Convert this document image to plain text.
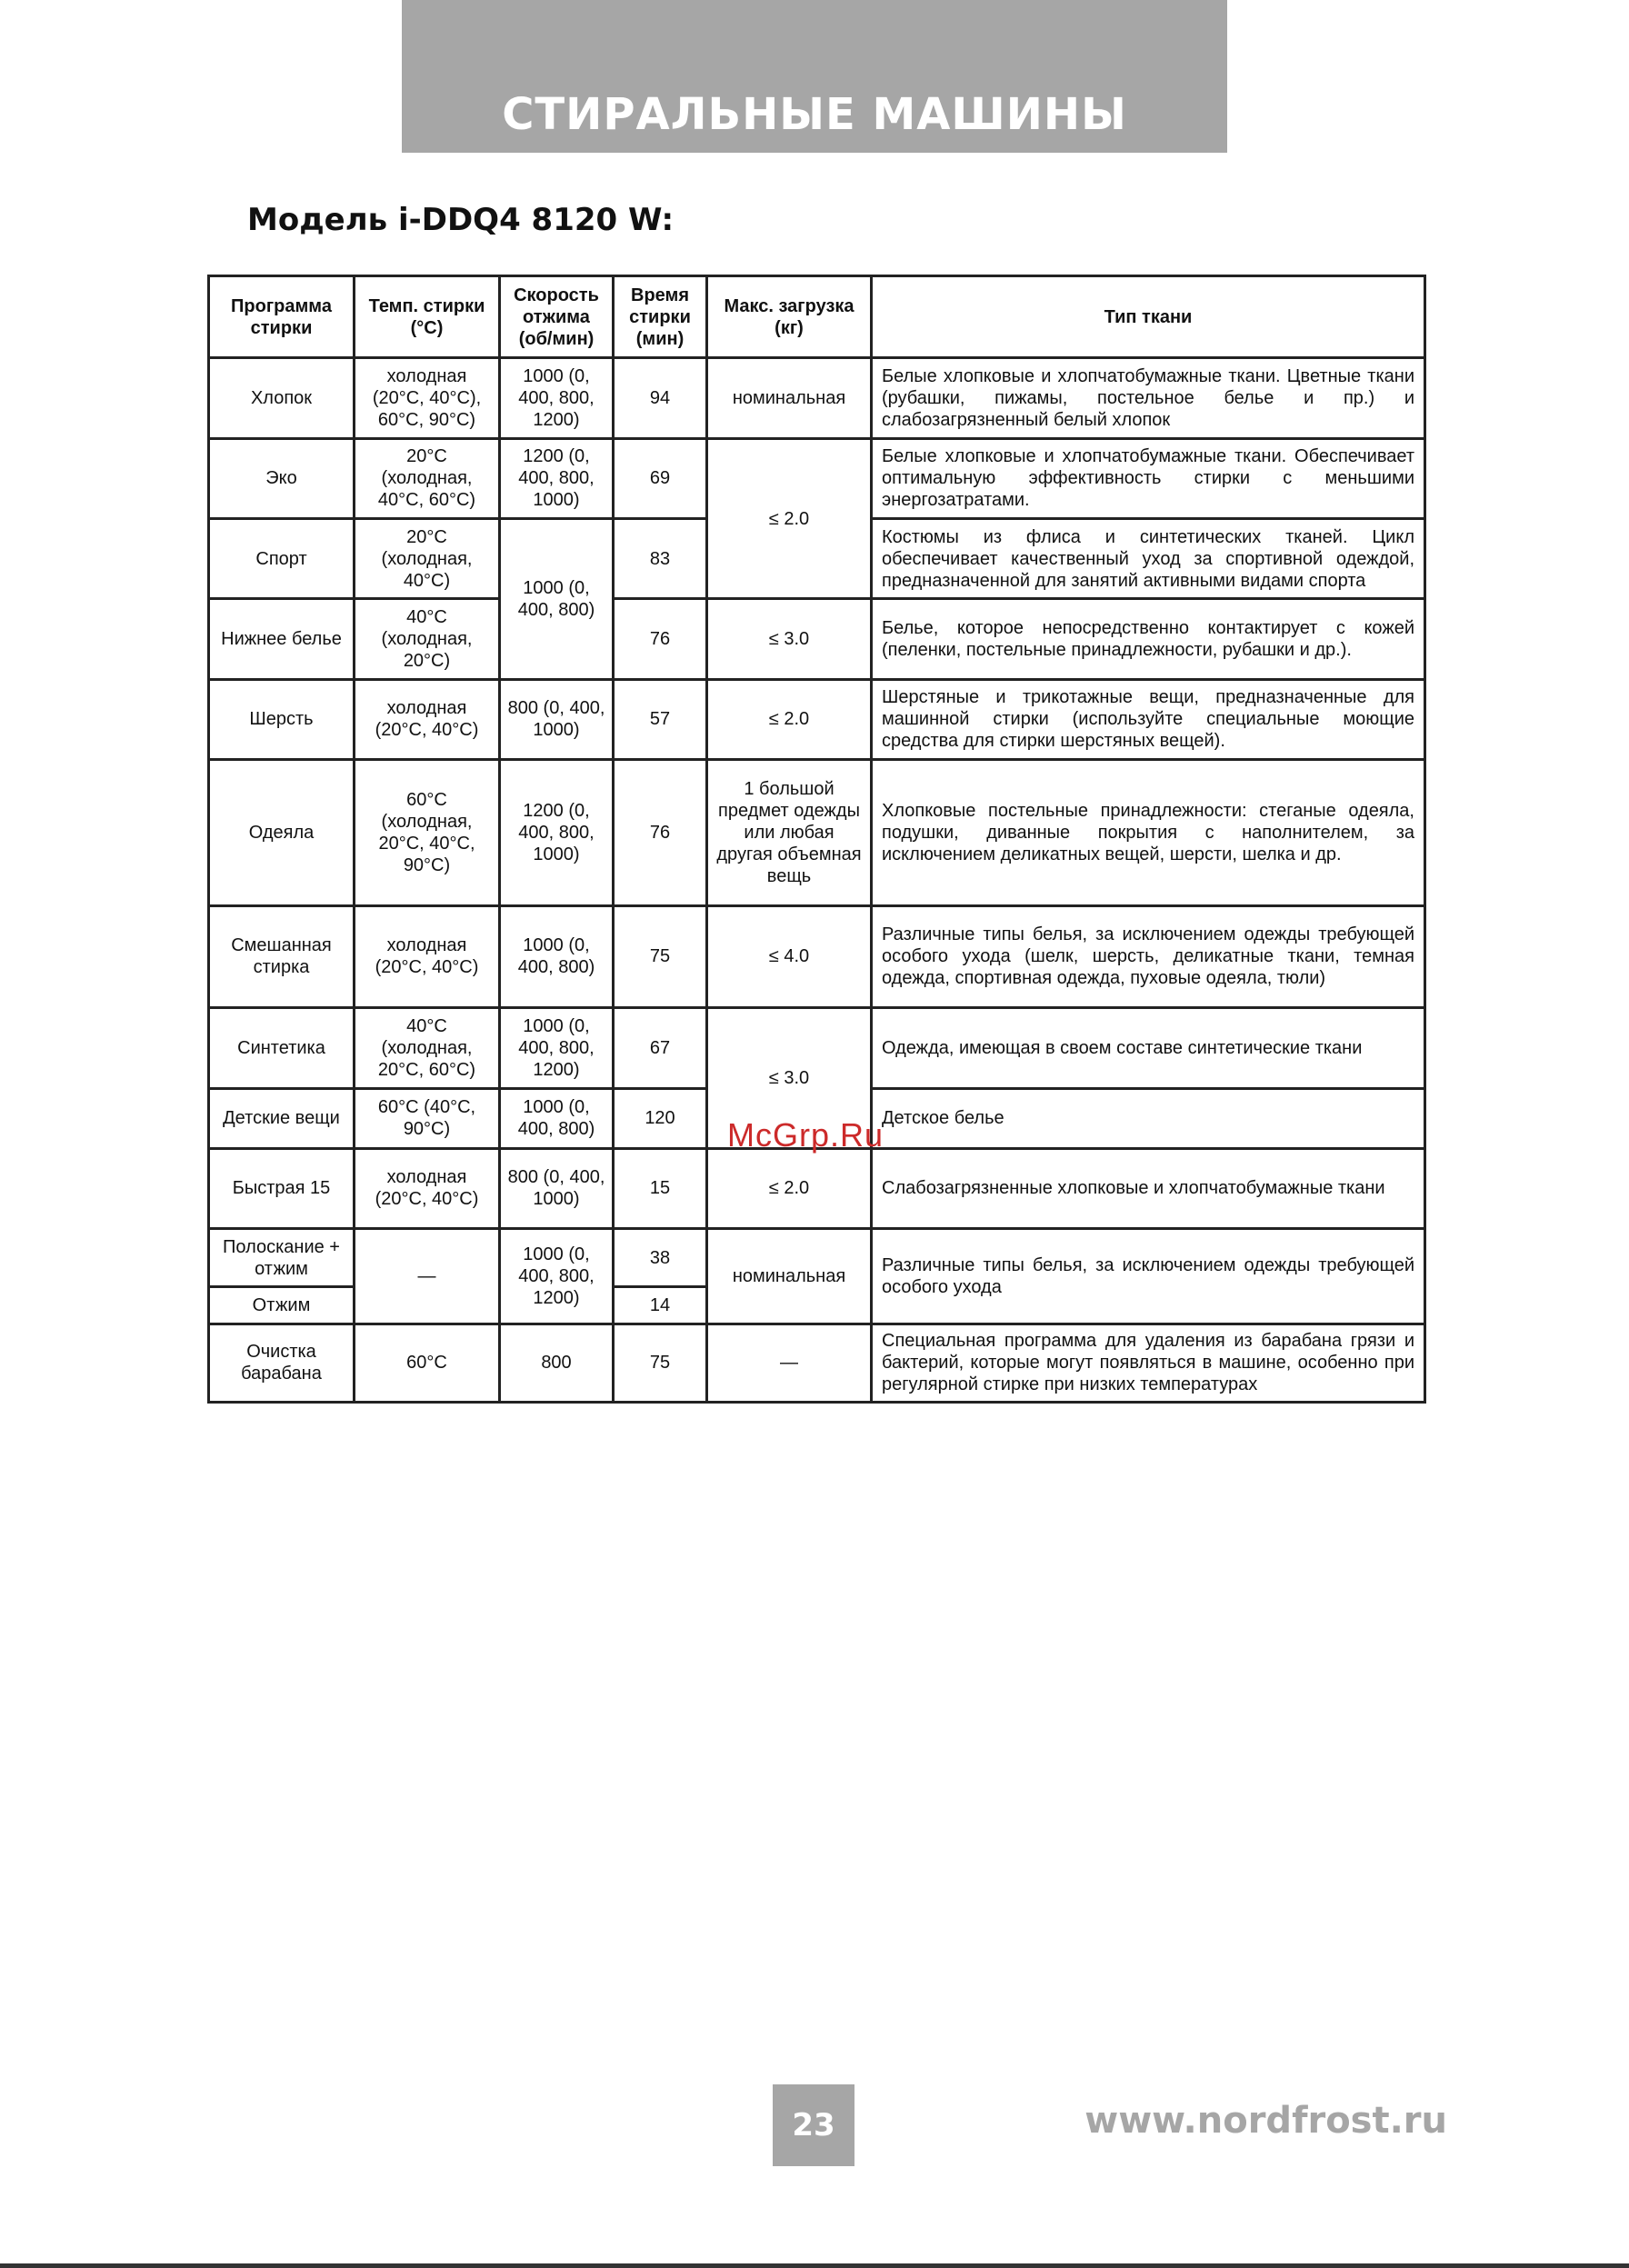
СТИРАЛЬНЫЕ МАШИНЫ
Модель i-DDQ4 8120 W:
Программа стирки	Темп. стирки (°C)	Скорость отжима (об/мин)	Время стирки (мин)	Макс. загрузка (кг)	Тип ткани
Хлопок	холодная (20°C, 40°C), 60°C, 90°C)	1000 (0, 400, 800, 1200)	94	номинальная	Белые хлопковые и хлопчатобумажные ткани. Цветные ткани (рубашки, пижамы, постельное белье и пр.) и слабозагрязненный белый хлопок
Эко	20°C (холодная, 40°C, 60°C)	1200 (0, 400, 800, 1000)	69	≤ 2.0	Белые хлопковые и хлопчатобумажные ткани. Обеспечивает оптимальную эффективность стирки с меньшими энергозатратами.
Спорт	20°C (холодная, 40°C)	1000 (0, 400, 800)	83		Костюмы из флиса и синтетических тканей. Цикл обеспечивает качественный уход за спортивной одеждой, предназначенной для занятий активными видами спорта
Нижнее белье	40°C (холодная, 20°C)		76	≤ 3.0	Белье, которое непосредственно контактирует с кожей (пеленки, постельные принадлежности, рубашки и др.).
Шерсть	холодная (20°C, 40°C)	800 (0, 400, 1000)	57	≤ 2.0	Шерстяные и трикотажные вещи, предназначенные для машинной стирки (используйте специальные моющие средства для стирки шерстяных вещей).
Одеяла	60°C (холодная, 20°C, 40°C, 90°C)	1200 (0, 400, 800, 1000)	76	1 большой предмет одежды или любая другая объемная вещь	Хлопковые постельные принадлежности: стеганые одеяла, подушки, диванные покрытия с наполнителем, за исключением деликатных вещей, шерсти, шелка и др.
Смешанная стирка	холодная (20°C, 40°C)	1000 (0, 400, 800)	75	≤ 4.0	Различные типы белья, за исключением одежды требующей особого ухода (шелк, шерсть, деликатные ткани, темная одежда, спортивная одежда, пуховые одеяла, тюли)
Синтетика	40°C (холодная, 20°C, 60°C)	1000 (0, 400, 800, 1200)	67	≤ 3.0	Одежда, имеющая в своем составе синтетические ткани
Детские вещи	60°C (40°C, 90°C)	1000 (0, 400, 800)	120		Детское белье
Быстрая 15	холодная (20°C, 40°C)	800 (0, 400, 1000)	15	≤ 2.0	Слабозагрязненные хлопковые и хлопчатобумажные ткани
Полоскание + отжим	—	1000 (0, 400, 800, 1200)	38	номинальная	Различные типы белья, за исключением одежды требующей особого ухода
Отжим			14		
Очистка барабана	60°C	800	75	—	Специальная программа для удаления из барабана грязи и бактерий, которые могут появляться в машине, особенно при регулярной стирке при низких температурах
McGrp.Ru
23	www.nordfrost.ru
